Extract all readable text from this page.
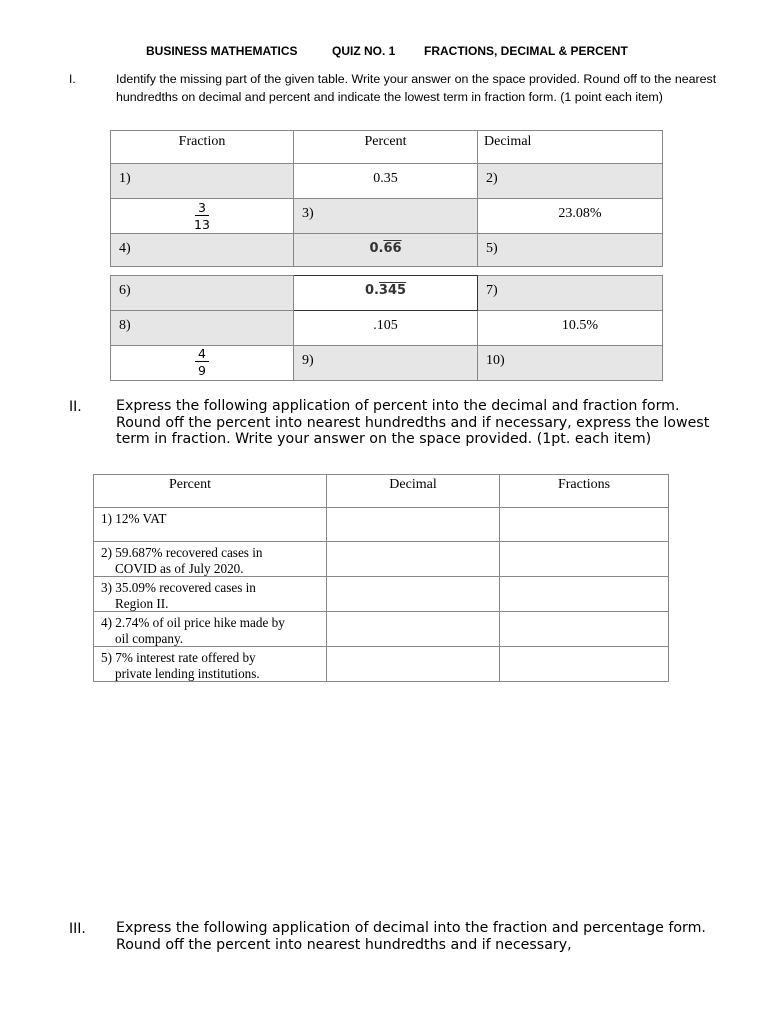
BUSINESS MATHEMATICS	QUIZ NO. 1 FRACTIONS, DECIMAL & PERCENT
I.	Identify the missing part of the given table. Write your answer on the space provided. Round off to the nearest hundredths on decimal and percent and indicate the lowest term in fraction form. (1 point each item)
Fraction	Percent	Decimal

1)	0.35	2)

$\frac{3}{13}$	3)	23.08%

4)	0.66	5)
6)	0.345	7)

8)	.105	10.5%

$\frac{4}{9}$	9)	10)
II. Express the following application of percent into the decimal and fraction form. Round off the percent into nearest hundredths and if necessary, express the lowest term in fraction. Write your answer on the space provided. (1pt. each item)
Percent	Decimal	Fractions

1) 12% VAT		

2) 59.687% recovered cases in
COVID as of July 2020.		

3) 35.09% recovered cases in
Region II.		

4) 2.74% of oil price hike made by
oil company.		

5) 7% interest rate offered by
private lending institutions.		

III. Express the following application of decimal into the fraction and percentage form. Round off the percent into nearest hundredths and if necessary,
